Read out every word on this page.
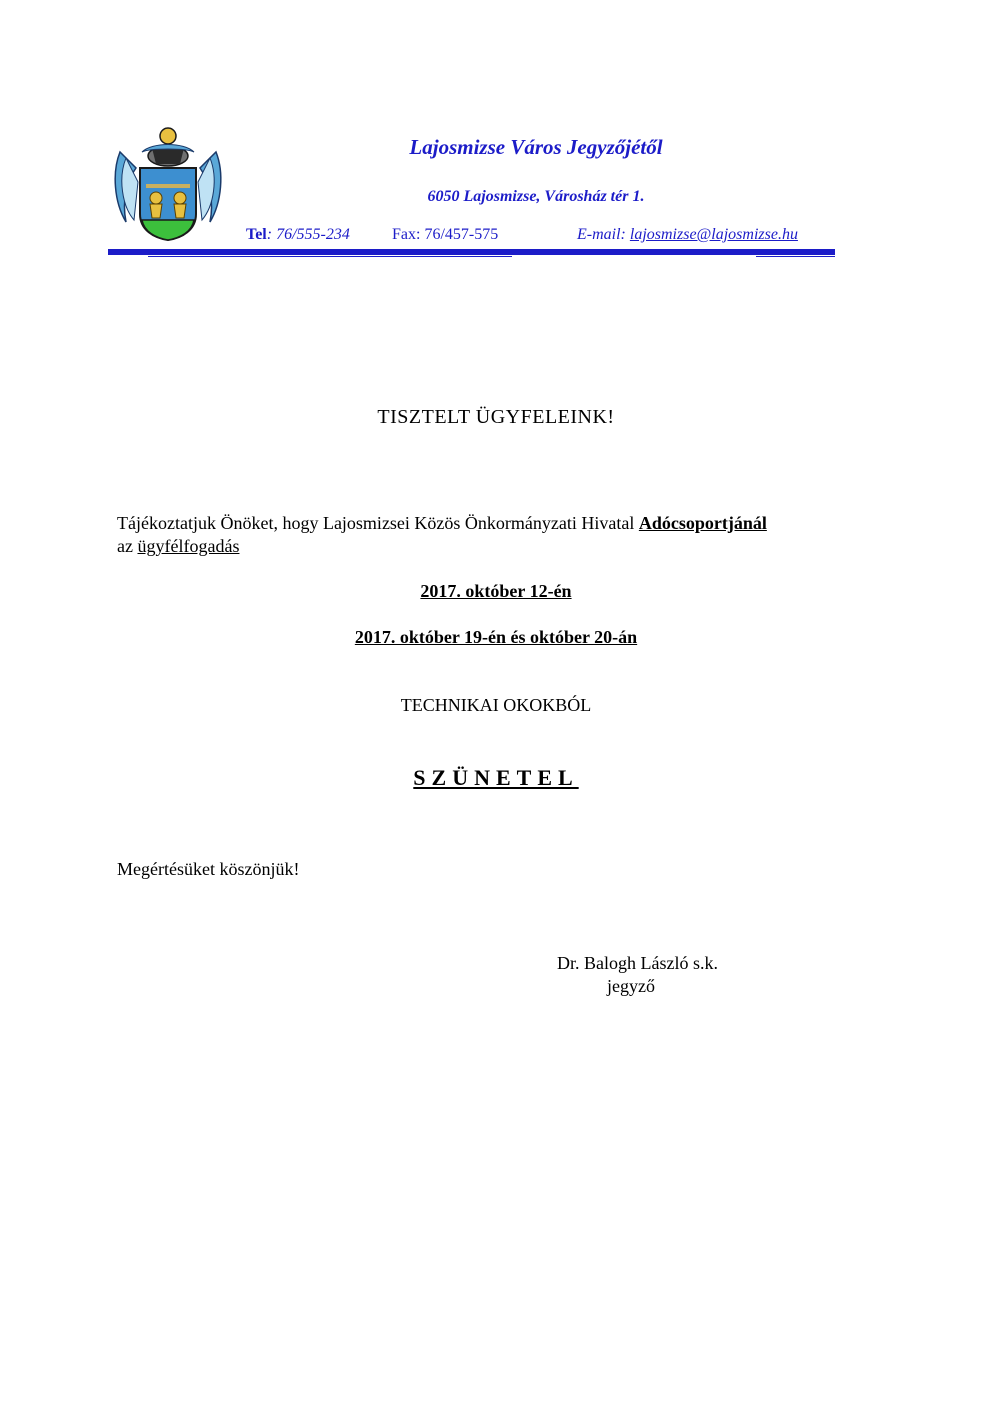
Lajosmizse Város Jegyzőjétől
6050 Lajosmizse, Városház tér 1.
Tel: 76/555-234	Fax: 76/457-575	E-mail: lajosmizse@lajosmizse.hu
TISZTELT ÜGYFELEINK!
Tájékoztatjuk Önöket, hogy Lajosmizsei Közös Önkormányzati Hivatal Adócsoportjánál
az ügyfélfogadás
2017. október 12-én
2017. október 19-én és október 20-án
TECHNIKAI OKOKBÓL
SZÜNETEL
Megértésüket köszönjük!
Dr. Balogh László s.k.
jegyző
